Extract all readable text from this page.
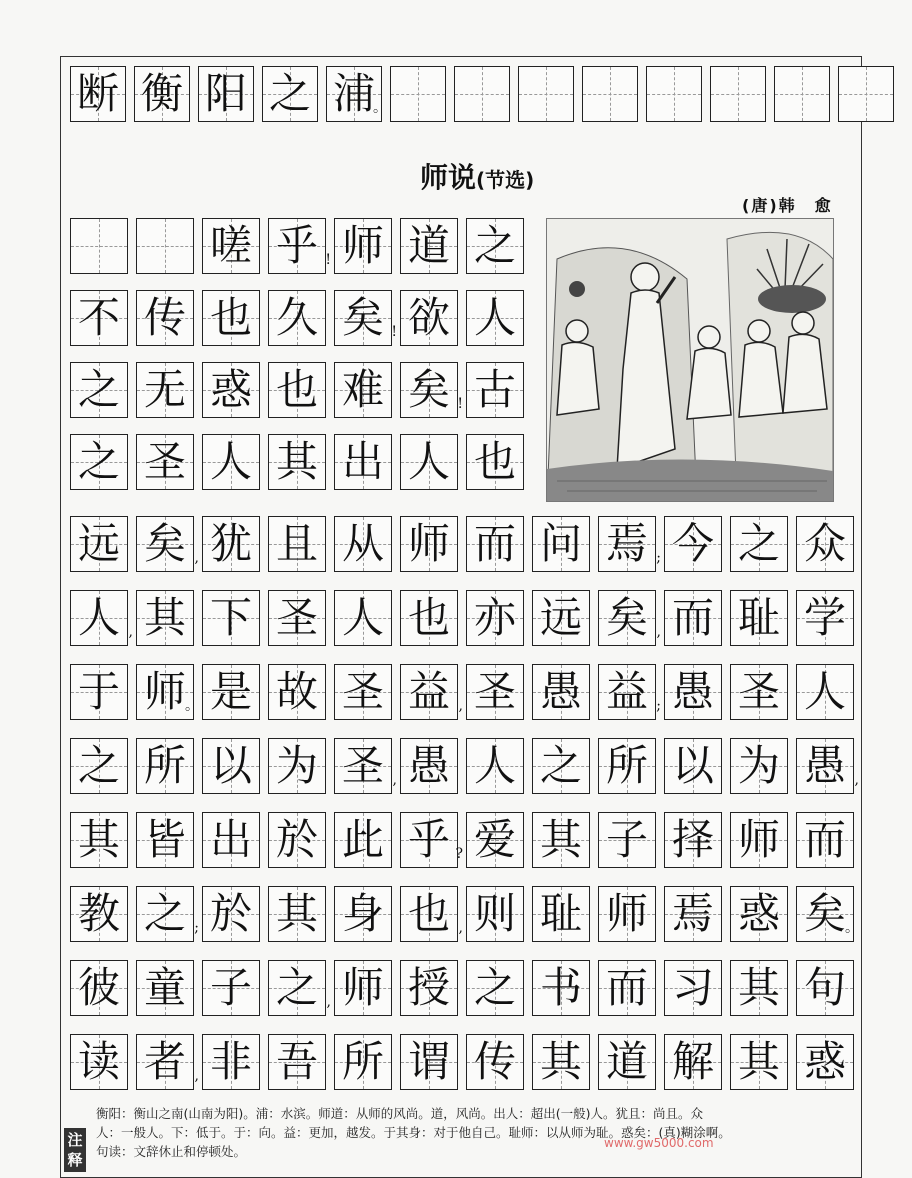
断 衡 阳 之 浦
。
师说(节选)
(唐)韩　愈
嗟 乎 ! 师 道 之
不 传 也 久 矣 ! 欲 人
之 无 惑 也 难 矣 ! 古
之 圣 人 其 出 人 也
远 矣 , 犹 且 从 师 而 问 焉 ; 今 之 众
人 , 其 下 圣 人 也 亦 远 矣 , 而 耻 学
于 师 。 是 故 圣 益 , 圣 愚 益 ; 愚 圣 人
之 所 以 为 圣 , 愚 人 之 所 以 为 愚 ,
其 皆 出 於 此 乎 ? 爱 其 子 择 师 而
教 之 ; 於 其 身 也 , 则 耻 师 焉 惑 矣 。
彼 童 子 之 , 师 授 之 书 而 习 其 句
读 者 , 非 吾 所 谓 传 其 道 解 其 惑
注释
衡阳：衡山之南(山南为阳)。浦：水滨。师道：从师的风尚。道，风尚。出人：超出(一般)人。犹且：尚且。众
人：一般人。下：低于。于：向。益：更加，越发。于其身：对于他自己。耻师：以从师为耻。惑矣：(真)糊涂啊。
句读：文辞休止和停顿处。
www.gw5000.com
